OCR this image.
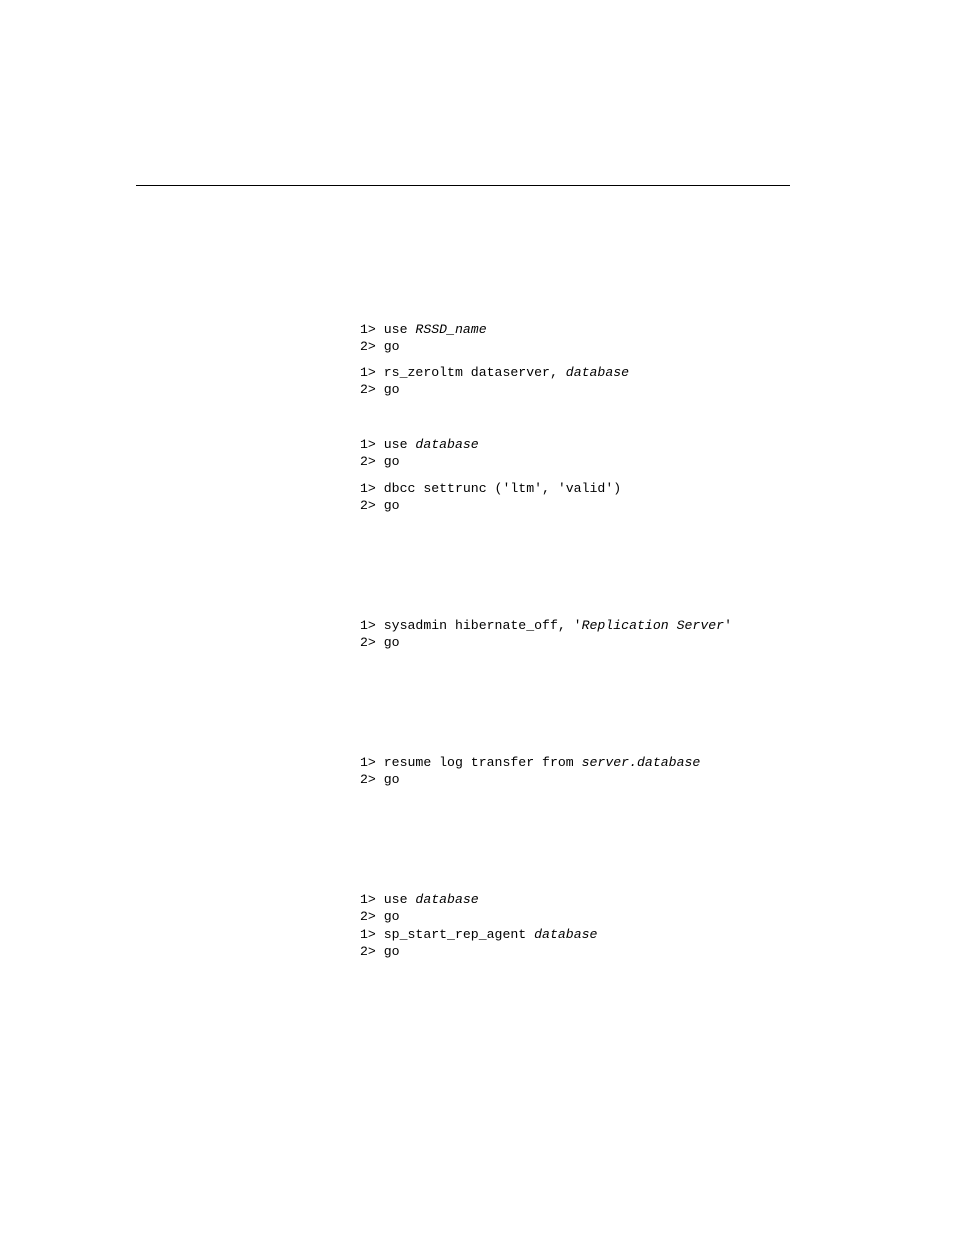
1> use RSSD_name
2> go
1> rs_zeroltm dataserver, database
2> go
1> use database
2> go
1> dbcc settrunc ('ltm', 'valid')
2> go
1> sysadmin hibernate_off, 'Replication Server'
2> go
1> resume log transfer from server.database
2> go
1> use database
2> go
1> sp_start_rep_agent database
2> go
